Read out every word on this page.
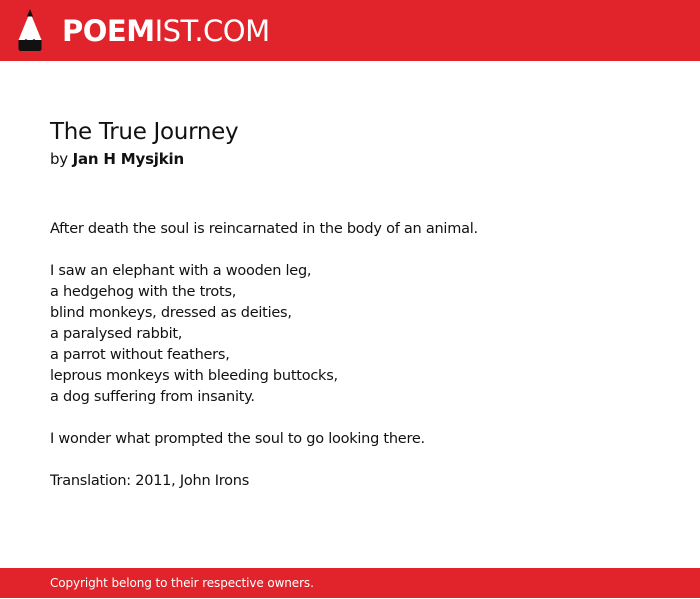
POEMIST.COM
The True Journey

by Jan H Mysjkin

After death the soul is reincarnated in the body of an animal.

I saw an elephant with a wooden leg,
a hedgehog with the trots,
blind monkeys, dressed as deities,
a paralysed rabbit,
a parrot without feathers,
leprous monkeys with bleeding buttocks,
a dog suffering from insanity.

I wonder what prompted the soul to go looking there.

Translation: 2011, John Irons

Copyright belong to their respective owners.
